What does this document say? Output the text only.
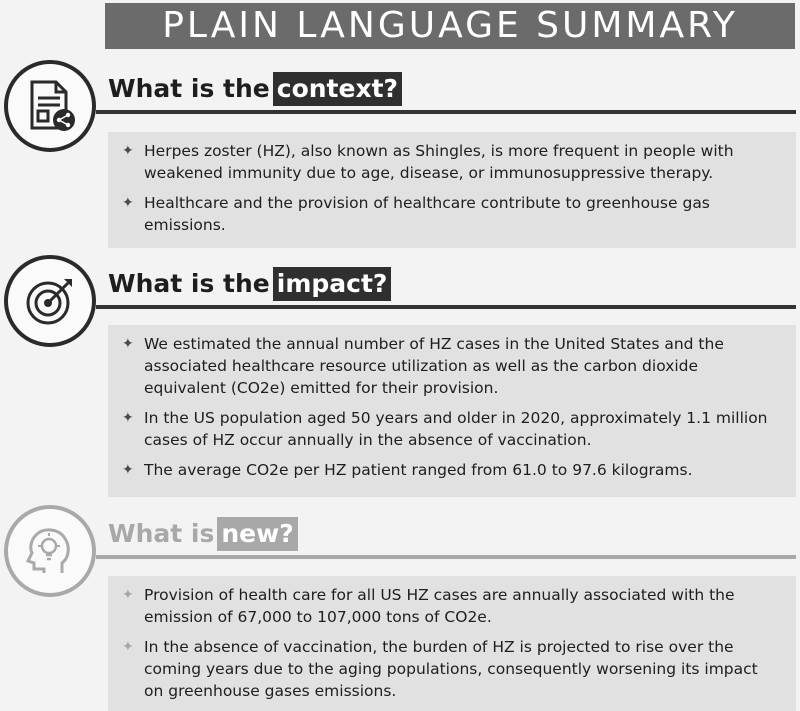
PLAIN LANGUAGE SUMMARY
What is the context?
✦ Herpes zoster (HZ), also known as Shingles, is more frequent in people with weakened immunity due to age, disease, or immunosuppressive therapy.
✦ Healthcare and the provision of healthcare contribute to greenhouse gas emissions.
What is the impact?
✦ We estimated the annual number of HZ cases in the United States and the associated healthcare resource utilization as well as the carbon dioxide equivalent (CO2e) emitted for their provision.
✦ In the US population aged 50 years and older in 2020, approximately 1.1 million cases of HZ occur annually in the absence of vaccination.
✦ The average CO2e per HZ patient ranged from 61.0 to 97.6 kilograms.
What is new?
✦ Provision of health care for all US HZ cases are annually associated with the emission of 67,000 to 107,000 tons of CO2e.
✦ In the absence of vaccination, the burden of HZ is projected to rise over the coming years due to the aging populations, consequently worsening its impact on greenhouse gases emissions.
